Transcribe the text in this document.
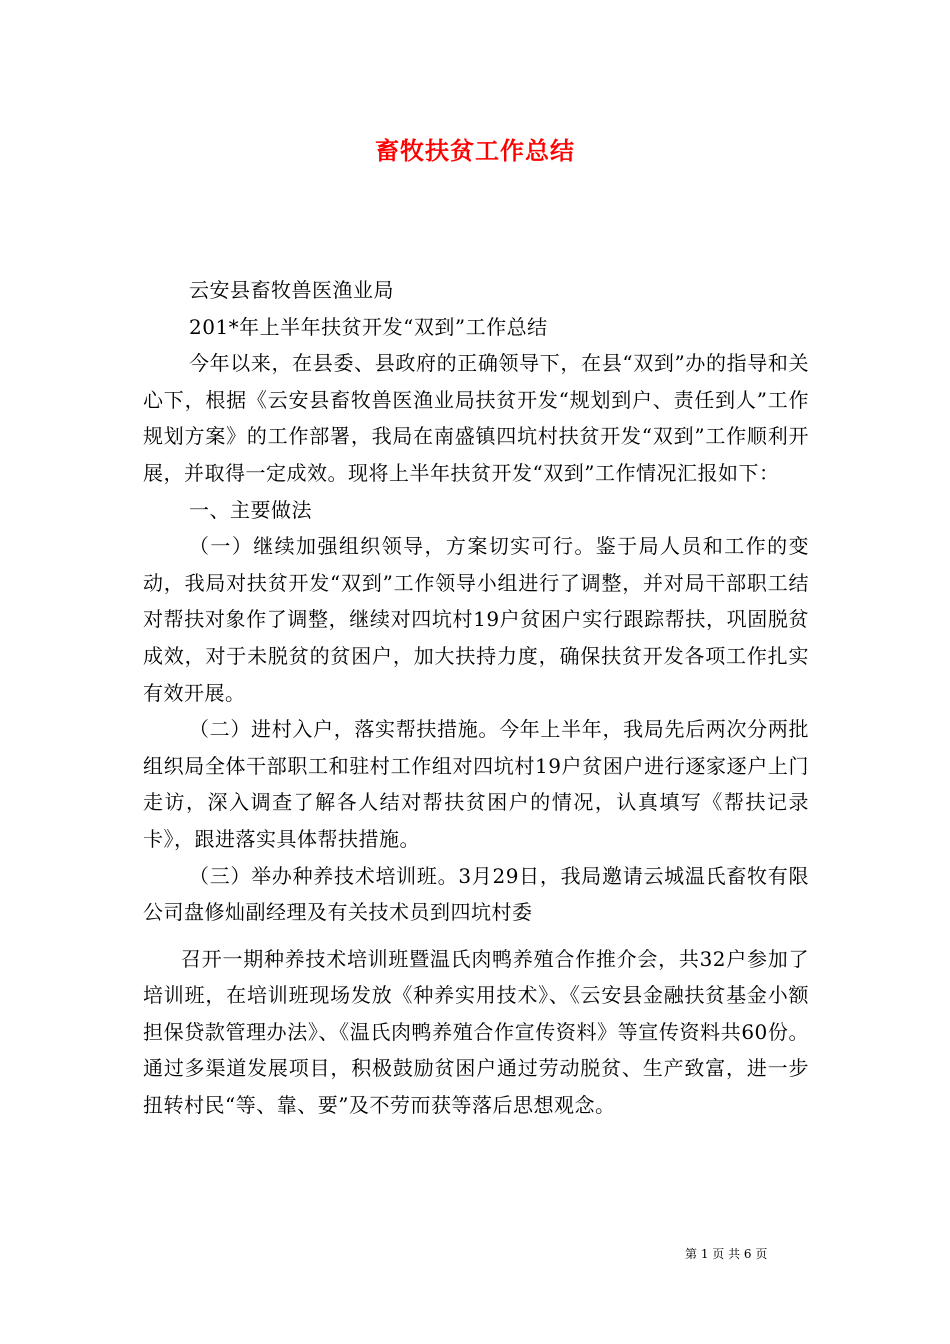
畜牧扶贫工作总结

云安县畜牧兽医渔业局

201*年上半年扶贫开发“双到”工作总结

今年以来，在县委、县政府的正确领导下，在县“双到”办的指导和关心下，根据《云安县畜牧兽医渔业局扶贫开发“规划到户、责任到人”工作规划方案》的工作部署，我局在南盛镇四坑村扶贫开发“双到”工作顺利开展，并取得一定成效。现将上半年扶贫开发“双到”工作情况汇报如下：

一、主要做法

（一）继续加强组织领导，方案切实可行。鉴于局人员和工作的变动，我局对扶贫开发“双到”工作领导小组进行了调整，并对局干部职工结对帮扶对象作了调整，继续对四坑村19户贫困户实行跟踪帮扶，巩固脱贫成效，对于未脱贫的贫困户，加大扶持力度，确保扶贫开发各项工作扎实有效开展。

（二）进村入户，落实帮扶措施。今年上半年，我局先后两次分两批组织局全体干部职工和驻村工作组对四坑村19户贫困户进行逐家逐户上门走访，深入调查了解各人结对帮扶贫困户的情况，认真填写《帮扶记录卡》，跟进落实具体帮扶措施。

（三）举办种养技术培训班。3月29日，我局邀请云城温氏畜牧有限公司盘修灿副经理及有关技术员到四坑村委

召开一期种养技术培训班暨温氏肉鸭养殖合作推介会，共32户参加了培训班，在培训班现场发放《种养实用技术》、《云安县金融扶贫基金小额担保贷款管理办法》、《温氏肉鸭养殖合作宣传资料》等宣传资料共60份。通过多渠道发展项目，积极鼓励贫困户通过劳动脱贫、生产致富，进一步扭转村民“等、靠、要”及不劳而获等落后思想观念。

第 1 页 共 6 页
